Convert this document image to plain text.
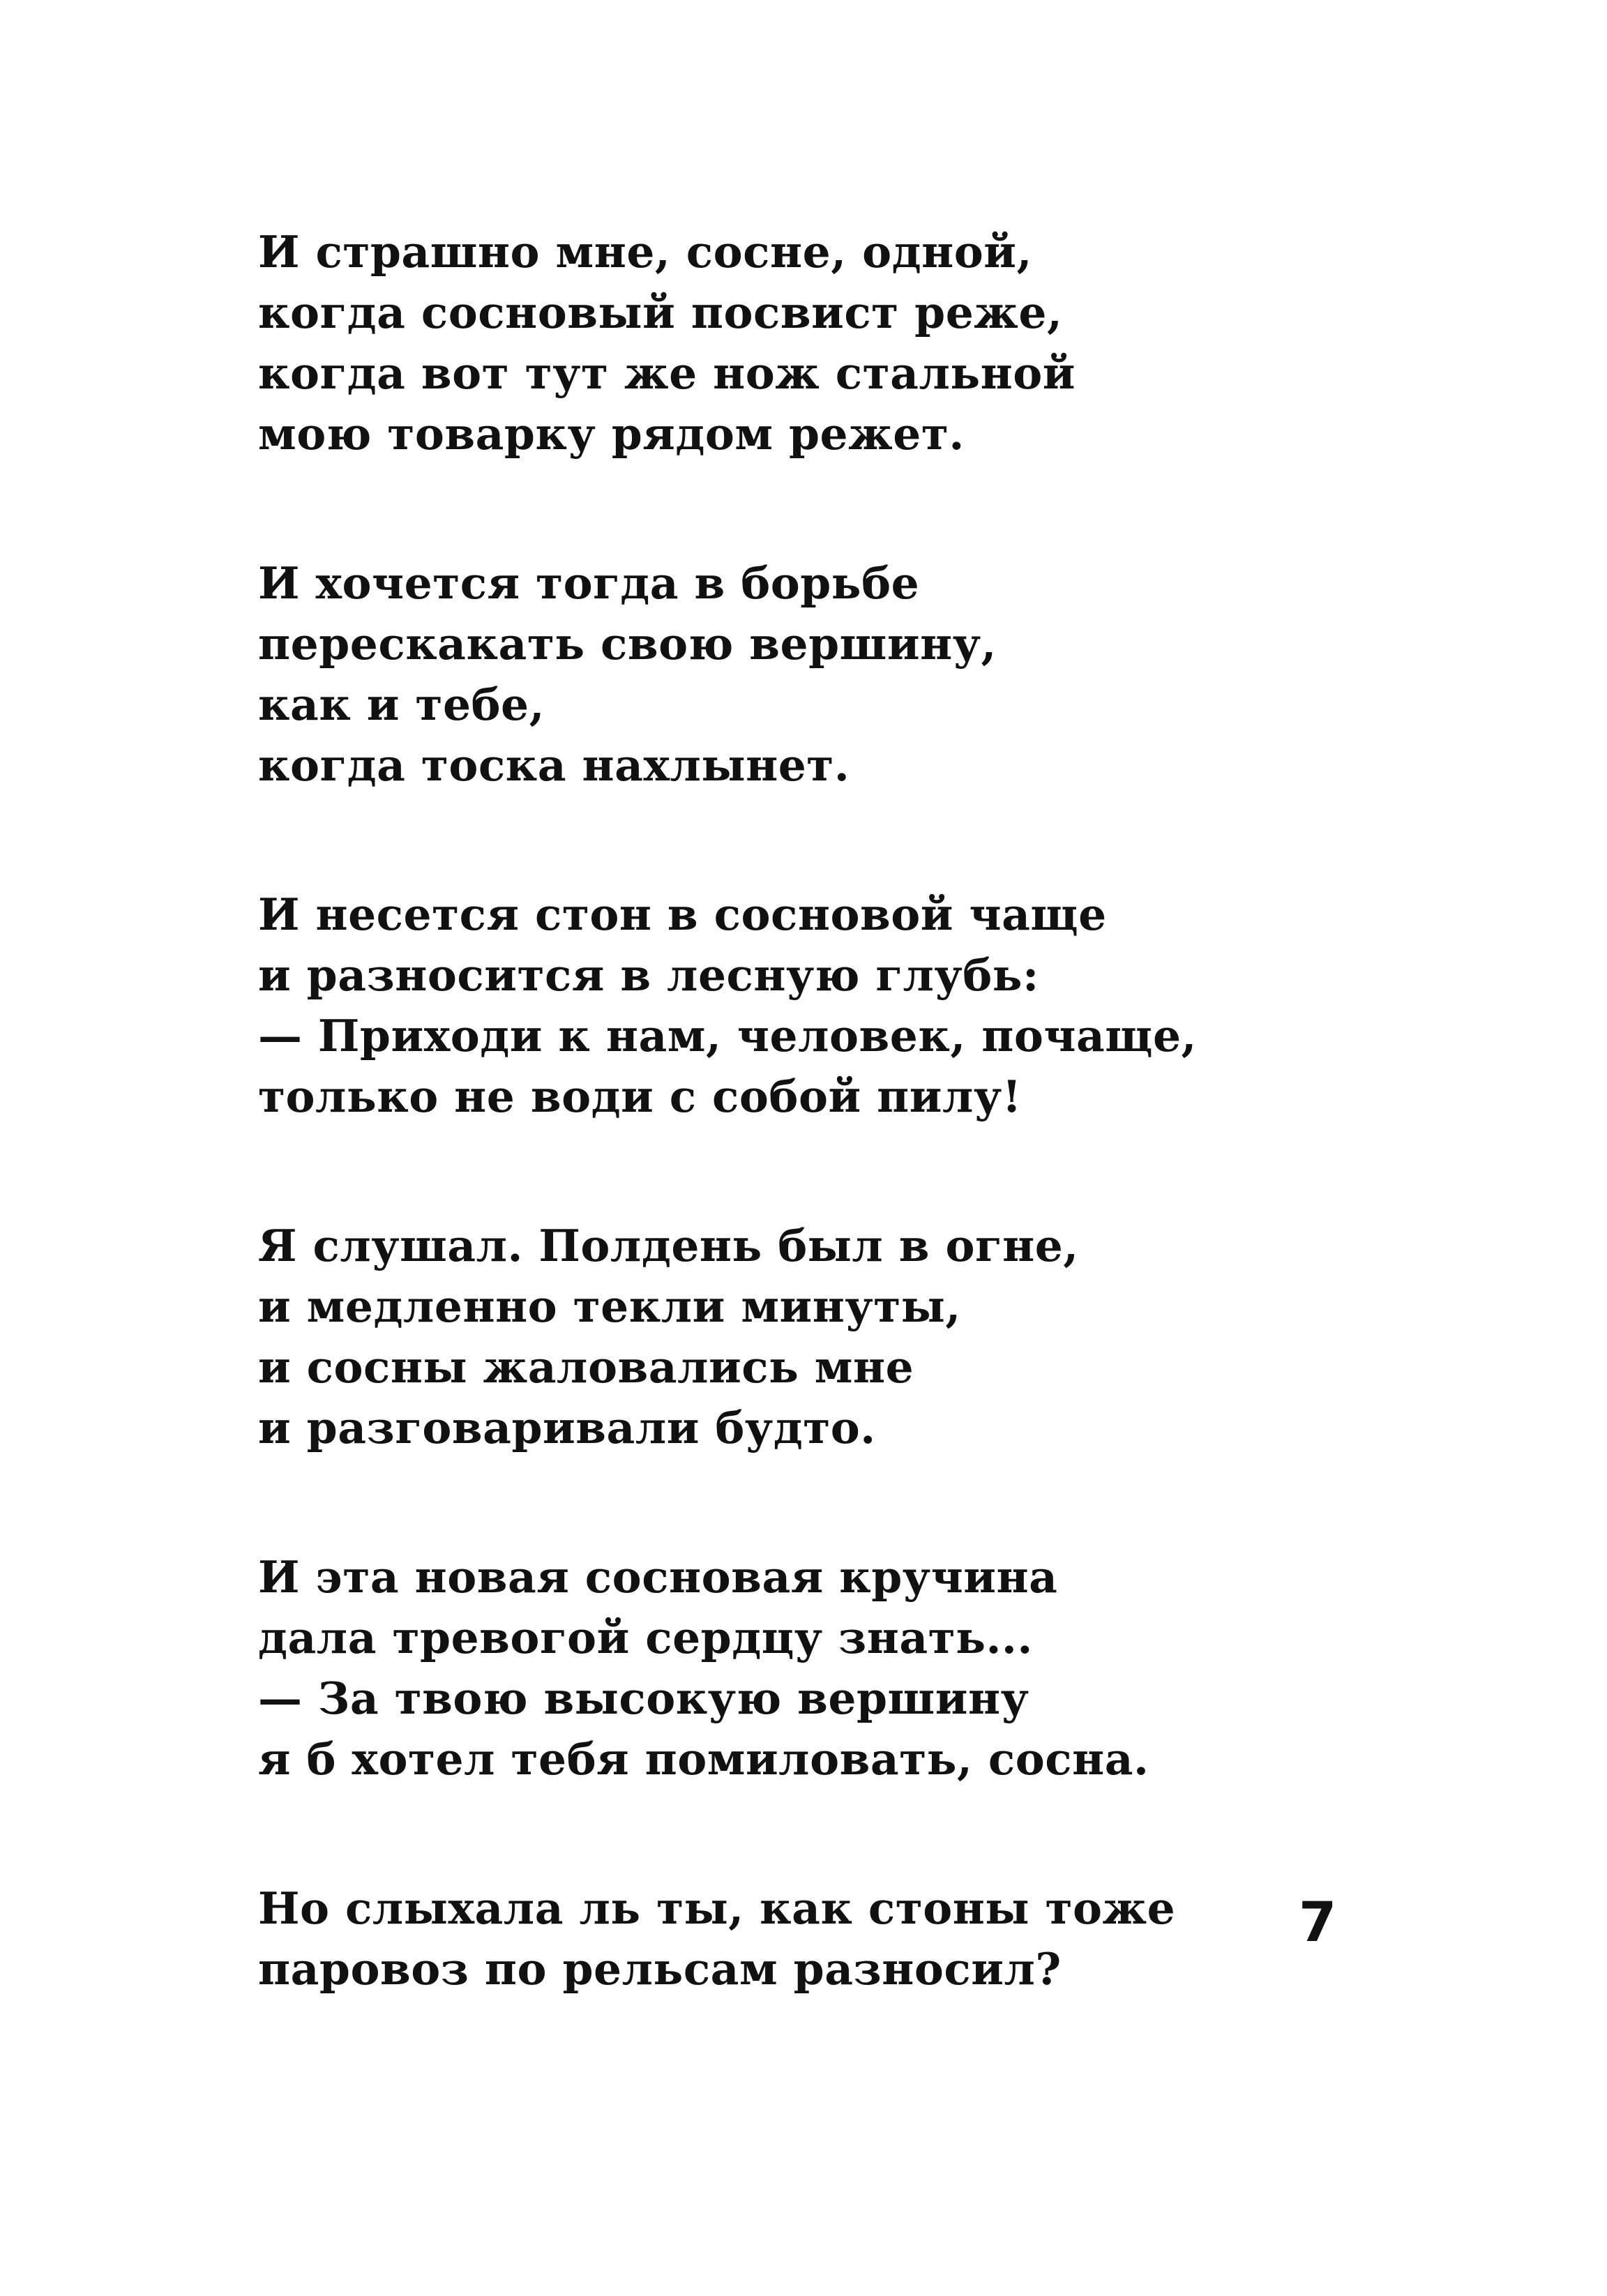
И страшно мне, сосне, одной,
когда сосновый посвист реже,
когда вот тут же нож стальной
мою товарку рядом режет.
И хочется тогда в борьбе
перескакать свою вершину,
как и тебе,
когда тоска нахлынет.
И несется стон в сосновой чаще
и разносится в лесную глубь:
— Приходи к нам, человек, почаще,
только не води с собой пилу!
Я слушал. Полдень был в огне,
и медленно текли минуты,
и сосны жаловались мне
и разговаривали будто.
И эта новая сосновая кручина
дала тревогой сердцу знать...
— За твою высокую вершину
я б хотел тебя помиловать, сосна.
Но слыхала ль ты, как стоны тоже
паровоз по рельсам разносил?
7
